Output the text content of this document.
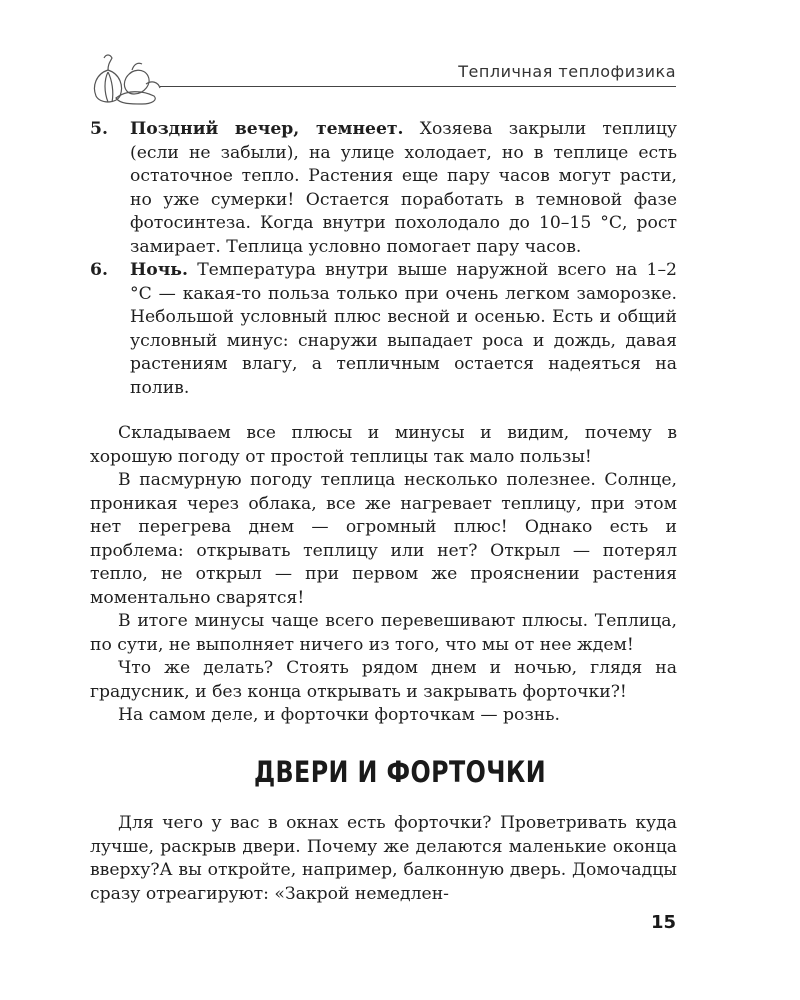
Тепличная теплофизика
5.	Поздний вечер, темнеет. Хозяева закрыли теплицу (если не забыли), на улице холодает, но в теплице есть остаточное тепло. Растения еще пару часов могут расти, но уже сумерки! Остается поработать в темновой фазе фотосинтеза. Когда внутри похолодало до 10–15 °С, рост замирает. Теплица условно помогает пару часов.
6.	Ночь. Температура внутри выше наружной всего на 1–2 °С — какая-то польза только при очень легком заморозке. Небольшой условный плюс весной и осенью. Есть и общий условный минус: снаружи выпадает роса и дождь, давая растениям влагу, а тепличным остается надеяться на полив.

Складываем все плюсы и минусы и видим, почему в хорошую погоду от простой теплицы так мало пользы!

В пасмурную погоду теплица несколько полезнее. Солнце, проникая через облака, все же нагревает теплицу, при этом нет перегрева днем — огромный плюс! Однако есть и проблема: открывать теплицу или нет? Открыл — потерял тепло, не открыл — при первом же прояснении растения моментально сварятся!

В итоге минусы чаще всего перевешивают плюсы. Теплица, по сути, не выполняет ничего из того, что мы от нее ждем!

Что же делать? Стоять рядом днем и ночью, глядя на градусник, и без конца открывать и закрывать форточки?!

На самом деле, и форточки форточкам — рознь.

ДВЕРИ И ФОРТОЧКИ

Для чего у вас в окнах есть форточки? Проветривать куда лучше, раскрыв двери. Почему же делаются маленькие оконца вверху?А вы откройте, например, балконную дверь. Домочадцы сразу отреагируют: «Закрой немедлен-

15
